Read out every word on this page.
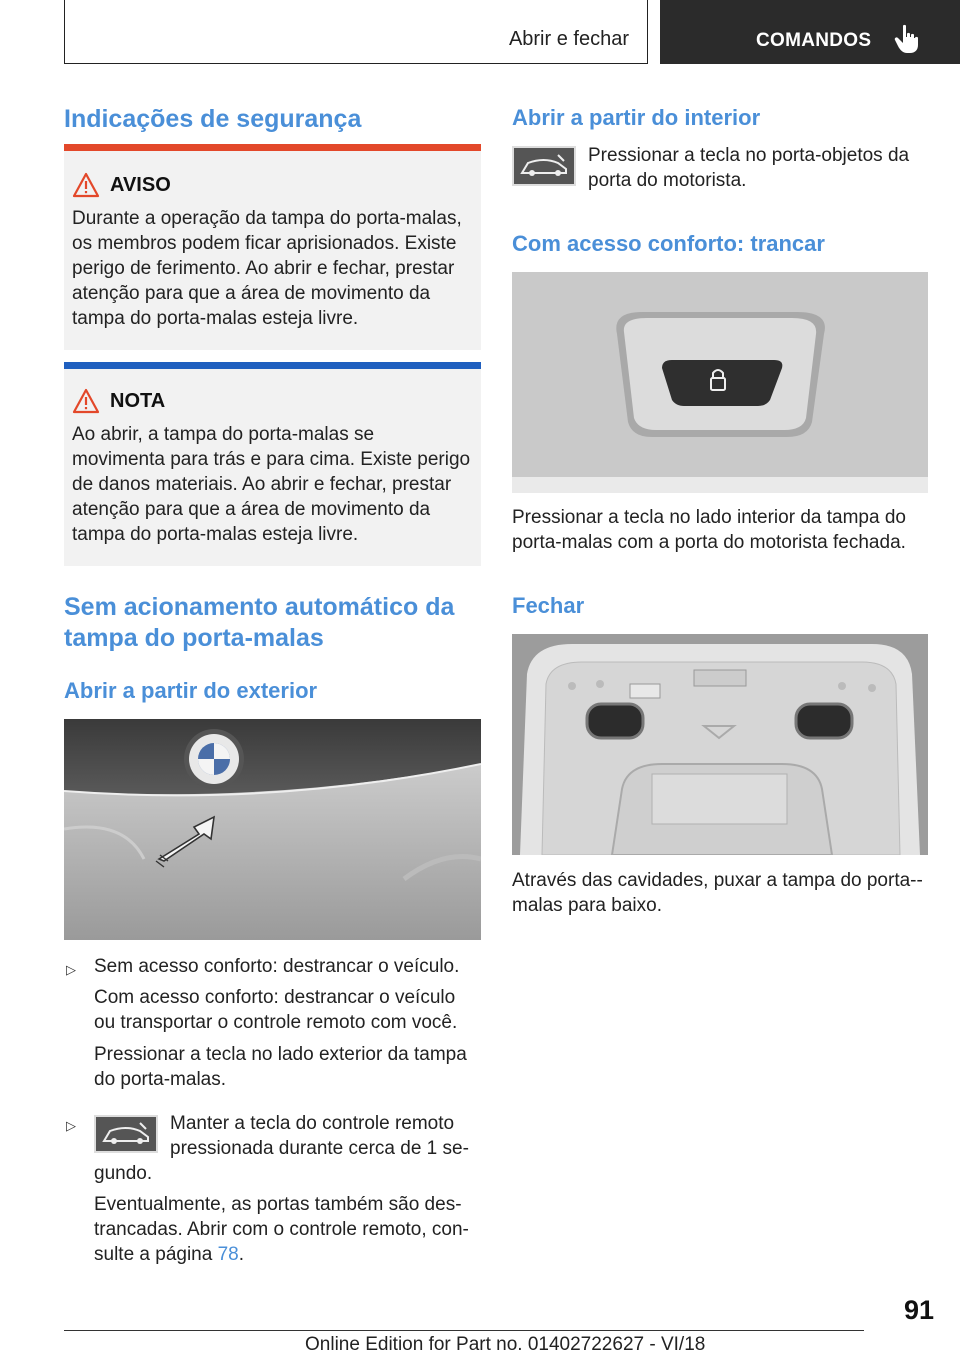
Abrir e fechar	COMANDOS
Indicações de segurança
AVISO
Durante a operação da tampa do porta-malas, os membros podem ficar aprisionados. Existe perigo de ferimento. Ao abrir e fechar, prestar atenção para que a área de movimento da tampa do porta-malas esteja livre.
NOTA
Ao abrir, a tampa do porta-malas se movimenta para trás e para cima. Existe perigo de danos materiais. Ao abrir e fechar, prestar atenção para que a área de movimento da tampa do porta-malas esteja livre.
Sem acionamento automático da tampa do porta-malas
Abrir a partir do exterior
▷ Sem acesso conforto: destrancar o veículo.
Com acesso conforto: destrancar o veículo ou transportar o controle remoto com você.
Pressionar a tecla no lado exterior da tampa do porta-malas.
▷	Manter a tecla do controle remoto pressionada durante cerca de 1 se-
gundo.
Eventualmente, as portas também são des-trancadas. Abrir com o controle remoto, con-sulte a página 78.
Abrir a partir do interior
Pressionar a tecla no porta-objetos da porta do motorista.
Com acesso conforto: trancar
Pressionar a tecla no lado interior da tampa do porta-malas com a porta do motorista fechada.
Fechar
Através das cavidades, puxar a tampa do porta--malas para baixo.
91
Online Edition for Part no. 01402722627 - VI/18
